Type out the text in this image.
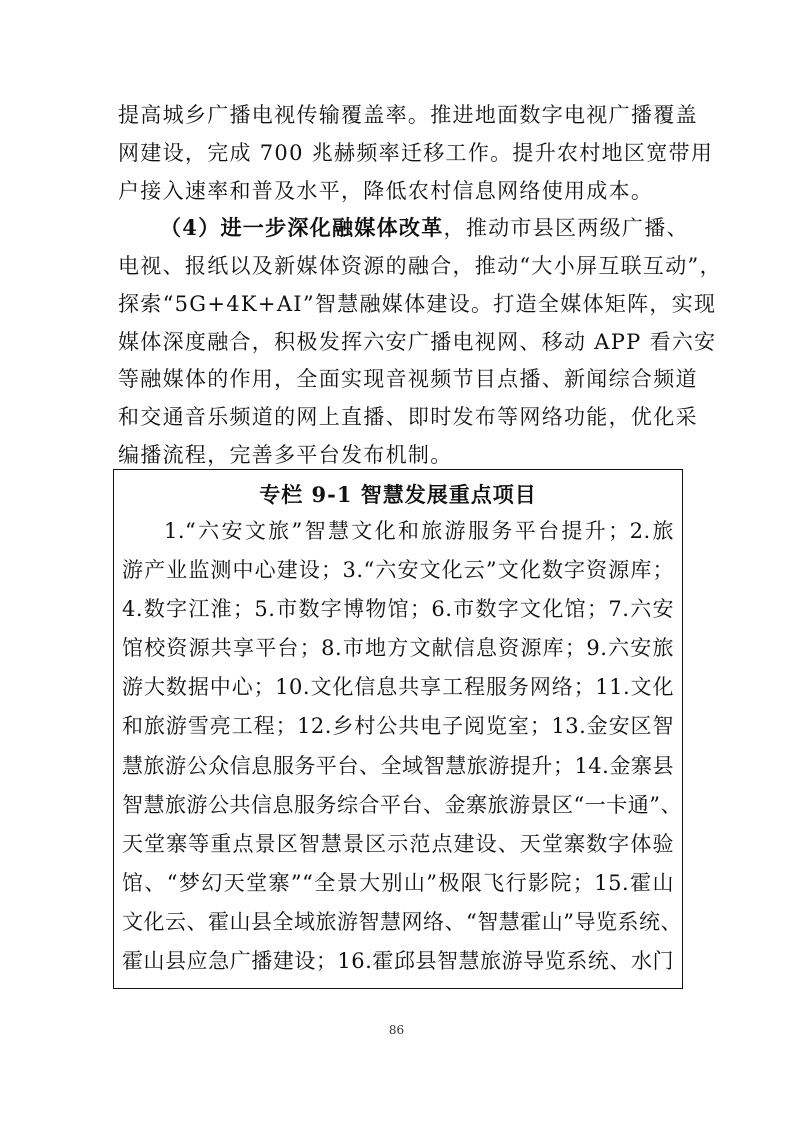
提高城乡广播电视传输覆盖率。推进地面数字电视广播覆盖
网建设，完成 700 兆赫频率迁移工作。提升农村地区宽带用
户接入速率和普及水平，降低农村信息网络使用成本。
（4）进一步深化融媒体改革，推动市县区两级广播、
电视、报纸以及新媒体资源的融合，推动“大小屏互联互动”，
探索“5G+4K+AI”智慧融媒体建设。打造全媒体矩阵，实现
媒体深度融合，积极发挥六安广播电视网、移动 APP 看六安
等融媒体的作用，全面实现音视频节目点播、新闻综合频道
和交通音乐频道的网上直播、即时发布等网络功能，优化采
编播流程，完善多平台发布机制。
专栏 9-1 智慧发展重点项目
1.“六安文旅”智慧文化和旅游服务平台提升；2.旅
游产业监测中心建设；3.“六安文化云”文化数字资源库；
4.数字江淮；5.市数字博物馆；6.市数字文化馆；7.六安
馆校资源共享平台；8.市地方文献信息资源库；9.六安旅
游大数据中心；10.文化信息共享工程服务网络；11.文化
和旅游雪亮工程；12.乡村公共电子阅览室；13.金安区智
慧旅游公众信息服务平台、全域智慧旅游提升；14.金寨县
智慧旅游公共信息服务综合平台、金寨旅游景区“一卡通”、
天堂寨等重点景区智慧景区示范点建设、天堂寨数字体验
馆、“梦幻天堂寨”“全景大别山”极限飞行影院；15.霍山
文化云、霍山县全域旅游智慧网络、“智慧霍山”导览系统、
霍山县应急广播建设；16.霍邱县智慧旅游导览系统、水门
86
